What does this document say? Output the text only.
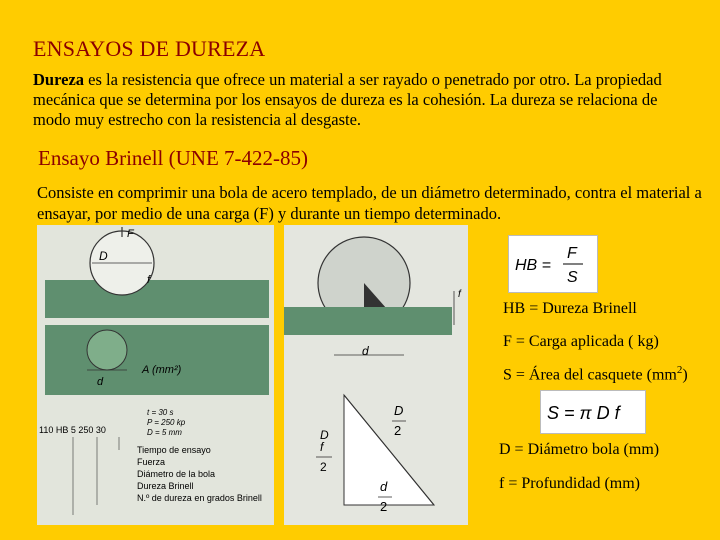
ENSAYOS DE DUREZA
Dureza es la resistencia que ofrece un material a ser rayado o penetrado por otro. La propiedad mecánica que se determina por los ensayos de dureza es la cohesión. La dureza se relaciona de modo muy estrecho con la resistencia al desgaste.
Ensayo Brinell (UNE 7-422-85)
Consiste en comprimir una bola de acero templado, de un diámetro determinado, contra el material a ensayar, por medio de una carga (F) y durante un tiempo determinado.
F
D
f
A (mm²)
d
t = 30 s
P = 250 kp
D = 5 mm
110 HB 5 250 30
Tiempo de ensayo
Fuerza
Diámetro de la bola
Dureza Brinell
N.º de dureza en grados Brinell
f
d
D
f
2
D
2
d
2
HB =
F
S
HB = Dureza Brinell
F = Carga aplicada ( kg)
S = Área del casquete $(mm^2)$
S = π D f
D = Diámetro bola (mm)
f = Profundidad (mm)
